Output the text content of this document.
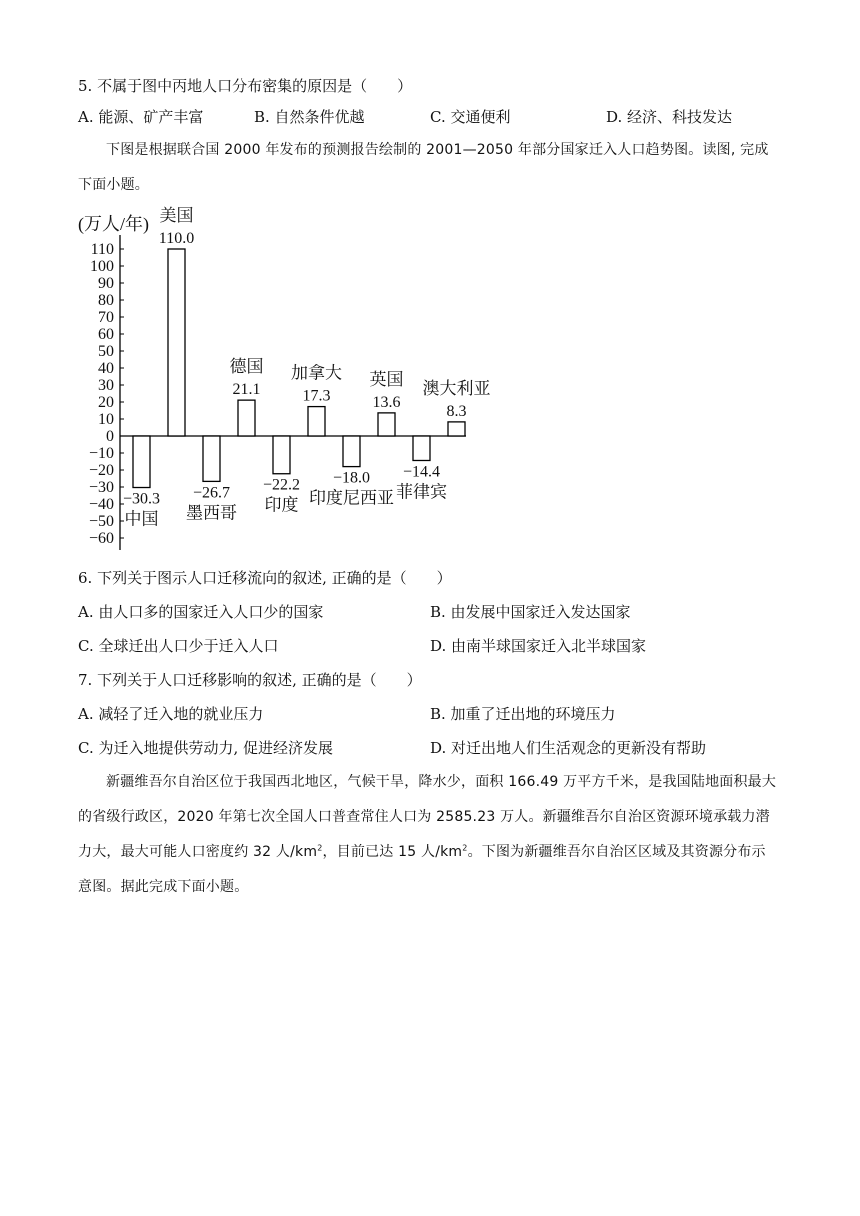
5. 不属于图中丙地人口分布密集的原因是（　　）
A. 能源、矿产丰富	B. 自然条件优越	C. 交通便利	D. 经济、科技发达
下图是根据联合国 2000 年发布的预测报告绘制的 2001—2050 年部分国家迁入人口趋势图。读图, 完成下面小题。
110
100
90
80
70
60
50
40
30
20
10
0
−10
−20
−30
−40
−50
−60
(万人/年)
−30.3
中国
110.0
美国
−26.7
墨西哥
21.1
德国
−22.2
印度
17.3
加拿大
−18.0
印度尼西亚
13.6
英国
−14.4
菲律宾
8.3
澳大利亚
6. 下列关于图示人口迁移流向的叙述, 正确的是（　　）
A. 由人口多的国家迁入人口少的国家	B. 由发展中国家迁入发达国家
C. 全球迁出人口少于迁入人口	D. 由南半球国家迁入北半球国家
7. 下列关于人口迁移影响的叙述, 正确的是（　　）
A. 减轻了迁入地的就业压力	B. 加重了迁出地的环境压力
C. 为迁入地提供劳动力, 促进经济发展	D. 对迁出地人们生活观念的更新没有帮助
新疆维吾尔自治区位于我国西北地区，气候干旱，降水少，面积 166.49 万平方千米，是我国陆地面积最大的省级行政区，2020 年第七次全国人口普查常住人口为 2585.23 万人。新疆维吾尔自治区资源环境承载力潜力大，最大可能人口密度约 32 人$/km^2$，目前已达 15 人$/km^2$。下图为新疆维吾尔自治区区域及其资源分布示意图。据此完成下面小题。
